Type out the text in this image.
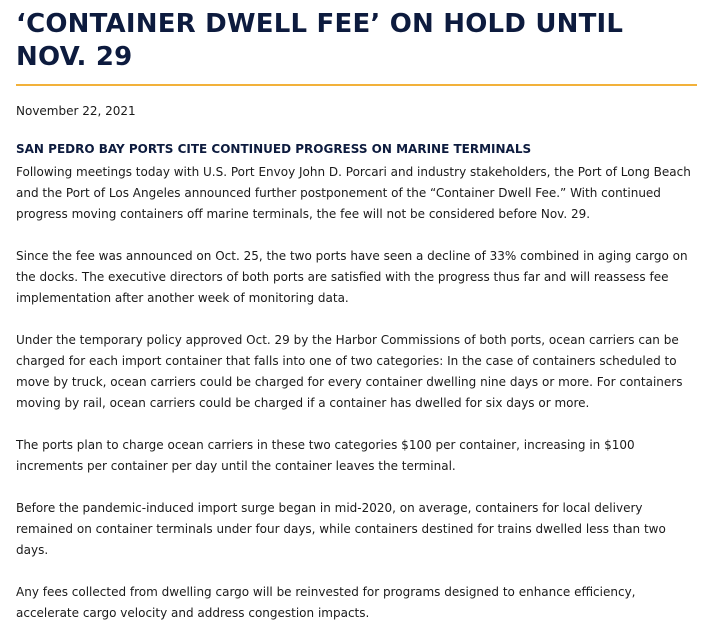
‘CONTAINER DWELL FEE’ ON HOLD UNTIL NOV. 29
November 22, 2021
SAN PEDRO BAY PORTS CITE CONTINUED PROGRESS ON MARINE TERMINALS

Following meetings today with U.S. Port Envoy John D. Porcari and industry stakeholders, the Port of Long Beach and the Port of Los Angeles announced further postponement of the “Container Dwell Fee.” With continued progress moving containers off marine terminals, the fee will not be considered before Nov. 29.

Since the fee was announced on Oct. 25, the two ports have seen a decline of 33% combined in aging cargo on the docks. The executive directors of both ports are satisfied with the progress thus far and will reassess fee implementation after another week of monitoring data.

Under the temporary policy approved Oct. 29 by the Harbor Commissions of both ports, ocean carriers can be charged for each import container that falls into one of two categories: In the case of containers scheduled to move by truck, ocean carriers could be charged for every container dwelling nine days or more. For containers moving by rail, ocean carriers could be charged if a container has dwelled for six days or more.

The ports plan to charge ocean carriers in these two categories $100 per container, increasing in $100 increments per container per day until the container leaves the terminal.

Before the pandemic-induced import surge began in mid-2020, on average, containers for local delivery remained on container terminals under four days, while containers destined for trains dwelled less than two days.

Any fees collected from dwelling cargo will be reinvested for programs designed to enhance efficiency, accelerate cargo velocity and address congestion impacts.
